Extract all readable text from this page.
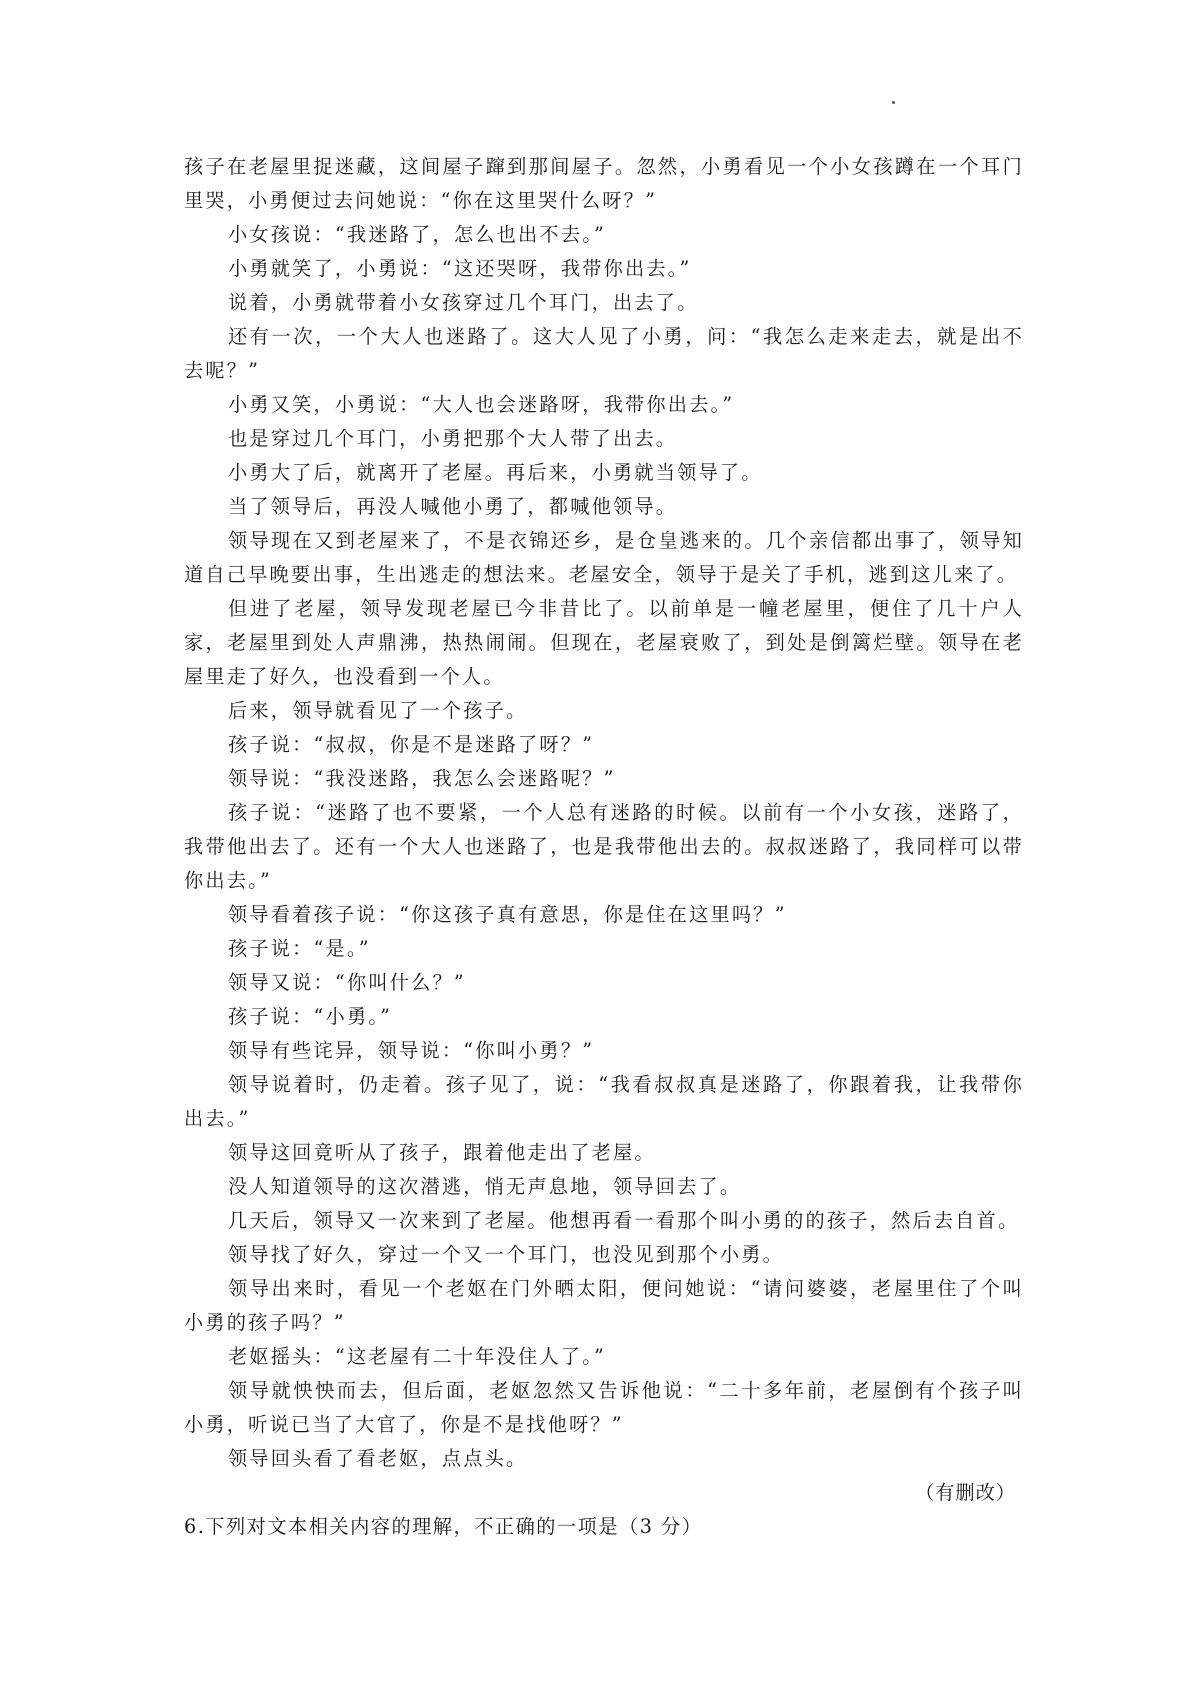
孩子在老屋里捉迷藏，这间屋子蹿到那间屋子。忽然，小勇看见一个小女孩蹲在一个耳门里哭，小勇便过去问她说：“你在这里哭什么呀？”

小女孩说：“我迷路了，怎么也出不去。”

小勇就笑了，小勇说：“这还哭呀，我带你出去。”

说着，小勇就带着小女孩穿过几个耳门，出去了。

还有一次，一个大人也迷路了。这大人见了小勇，问：“我怎么走来走去，就是出不去呢？”

小勇又笑，小勇说：“大人也会迷路呀，我带你出去。”

也是穿过几个耳门，小勇把那个大人带了出去。

小勇大了后，就离开了老屋。再后来，小勇就当领导了。

当了领导后，再没人喊他小勇了，都喊他领导。

领导现在又到老屋来了，不是衣锦还乡，是仓皇逃来的。几个亲信都出事了，领导知道自己早晚要出事，生出逃走的想法来。老屋安全，领导于是关了手机，逃到这儿来了。

但进了老屋，领导发现老屋已今非昔比了。以前单是一幢老屋里，便住了几十户人家，老屋里到处人声鼎沸，热热闹闹。但现在，老屋衰败了，到处是倒篱烂壁。领导在老屋里走了好久，也没看到一个人。

后来，领导就看见了一个孩子。

孩子说：“叔叔，你是不是迷路了呀？”

领导说：“我没迷路，我怎么会迷路呢？”

孩子说：“迷路了也不要紧，一个人总有迷路的时候。以前有一个小女孩，迷路了，我带他出去了。还有一个大人也迷路了，也是我带他出去的。叔叔迷路了，我同样可以带你出去。”

领导看着孩子说：“你这孩子真有意思，你是住在这里吗？”

孩子说：“是。”

领导又说：“你叫什么？”

孩子说：“小勇。”

领导有些诧异，领导说：“你叫小勇？”

领导说着时，仍走着。孩子见了，说：“我看叔叔真是迷路了，你跟着我，让我带你出去。”

领导这回竟听从了孩子，跟着他走出了老屋。

没人知道领导的这次潜逃，悄无声息地，领导回去了。

几天后，领导又一次来到了老屋。他想再看一看那个叫小勇的的孩子，然后去自首。

领导找了好久，穿过一个又一个耳门，也没见到那个小勇。

领导出来时，看见一个老妪在门外晒太阳，便问她说：“请问婆婆，老屋里住了个叫小勇的孩子吗？”

老妪摇头：“这老屋有二十年没住人了。”

领导就怏怏而去，但后面，老妪忽然又告诉他说：“二十多年前，老屋倒有个孩子叫小勇，听说已当了大官了，你是不是找他呀？”

领导回头看了看老妪，点点头。

（有删改）

6.下列对文本相关内容的理解，不正确的一项是（3 分）
